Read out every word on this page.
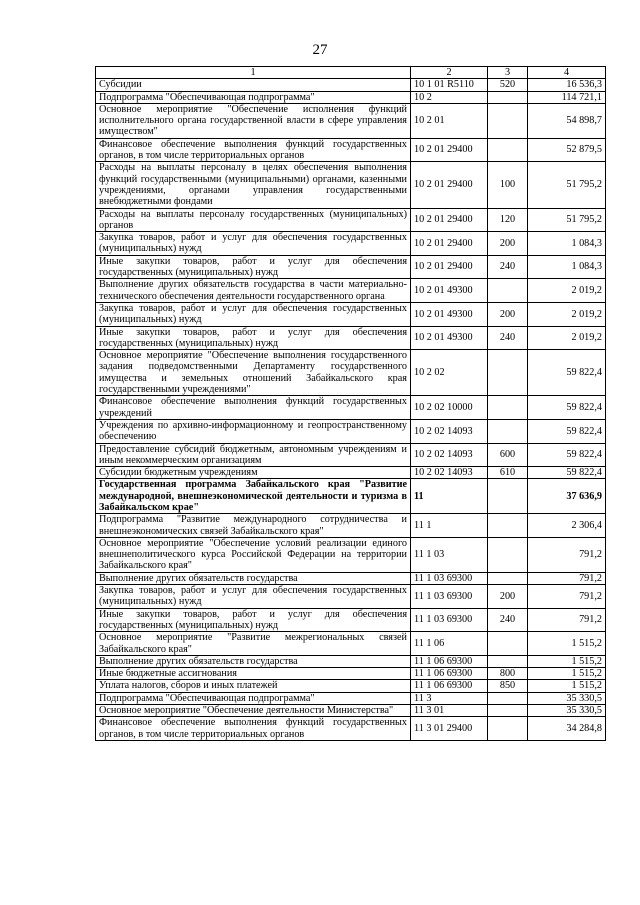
27
1	2	3	4
Субсидии	10 1 01 R5110	520	16 536,3
Подпрограмма "Обеспечивающая подпрограмма"	10 2		114 721,1
Основное мероприятие "Обеспечение исполнения функций исполнительного органа государственной власти в сфере управления имуществом"	10 2 01		54 898,7
Финансовое обеспечение выполнения функций государственных органов, в том числе территориальных органов	10 2 01 29400		52 879,5
Расходы на выплаты персоналу в целях обеспечения выполнения функций государственными (муниципальными) органами, казенными учреждениями, органами управления государственными внебюджетными фондами	10 2 01 29400	100	51 795,2
Расходы на выплаты персоналу государственных (муниципальных) органов	10 2 01 29400	120	51 795,2
Закупка товаров, работ и услуг для обеспечения государственных (муниципальных) нужд	10 2 01 29400	200	1 084,3
Иные закупки товаров, работ и услуг для обеспечения государственных (муниципальных) нужд	10 2 01 29400	240	1 084,3
Выполнение других обязательств государства в части материально-технического обеспечения деятельности государственного органа	10 2 01 49300		2 019,2
Закупка товаров, работ и услуг для обеспечения государственных (муниципальных) нужд	10 2 01 49300	200	2 019,2
Иные закупки товаров, работ и услуг для обеспечения государственных (муниципальных) нужд	10 2 01 49300	240	2 019,2
Основное мероприятие "Обеспечение выполнения государственного задания подведомственными Департаменту государственного имущества и земельных отношений Забайкальского края государственными учреждениями"	10 2 02		59 822,4
Финансовое обеспечение выполнения функций государственных учреждений	10 2 02 10000		59 822,4
Учреждения по архивно-информационному и геопространственному обеспечению	10 2 02 14093		59 822,4
Предоставление субсидий бюджетным, автономным учреждениям и иным некоммерческим организациям	10 2 02 14093	600	59 822,4
Субсидии бюджетным учреждениям	10 2 02 14093	610	59 822,4
Государственная программа Забайкальского края "Развитие международной, внешнеэкономической деятельности и туризма в Забайкальском крае"	11		37 636,9
Подпрограмма "Развитие международного сотрудничества и внешнеэкономических связей Забайкальского края"	11 1		2 306,4
Основное мероприятие "Обеспечение условий реализации единого внешнеполитического курса Российской Федерации на территории Забайкальского края"	11 1 03		791,2
Выполнение других обязательств государства	11 1 03 69300		791,2
Закупка товаров, работ и услуг для обеспечения государственных (муниципальных) нужд	11 1 03 69300	200	791,2
Иные закупки товаров, работ и услуг для обеспечения государственных (муниципальных) нужд	11 1 03 69300	240	791,2
Основное мероприятие "Развитие межрегиональных связей Забайкальского края"	11 1 06		1 515,2
Выполнение других обязательств государства	11 1 06 69300		1 515,2
Иные бюджетные ассигнования	11 1 06 69300	800	1 515,2
Уплата налогов, сборов и иных платежей	11 1 06 69300	850	1 515,2
Подпрограмма "Обеспечивающая подпрограмма"	11 3		35 330,5
Основное мероприятие "Обеспечение деятельности Министерства"	11 3 01		35 330,5
Финансовое обеспечение выполнения функций государственных органов, в том числе территориальных органов	11 3 01 29400		34 284,8
